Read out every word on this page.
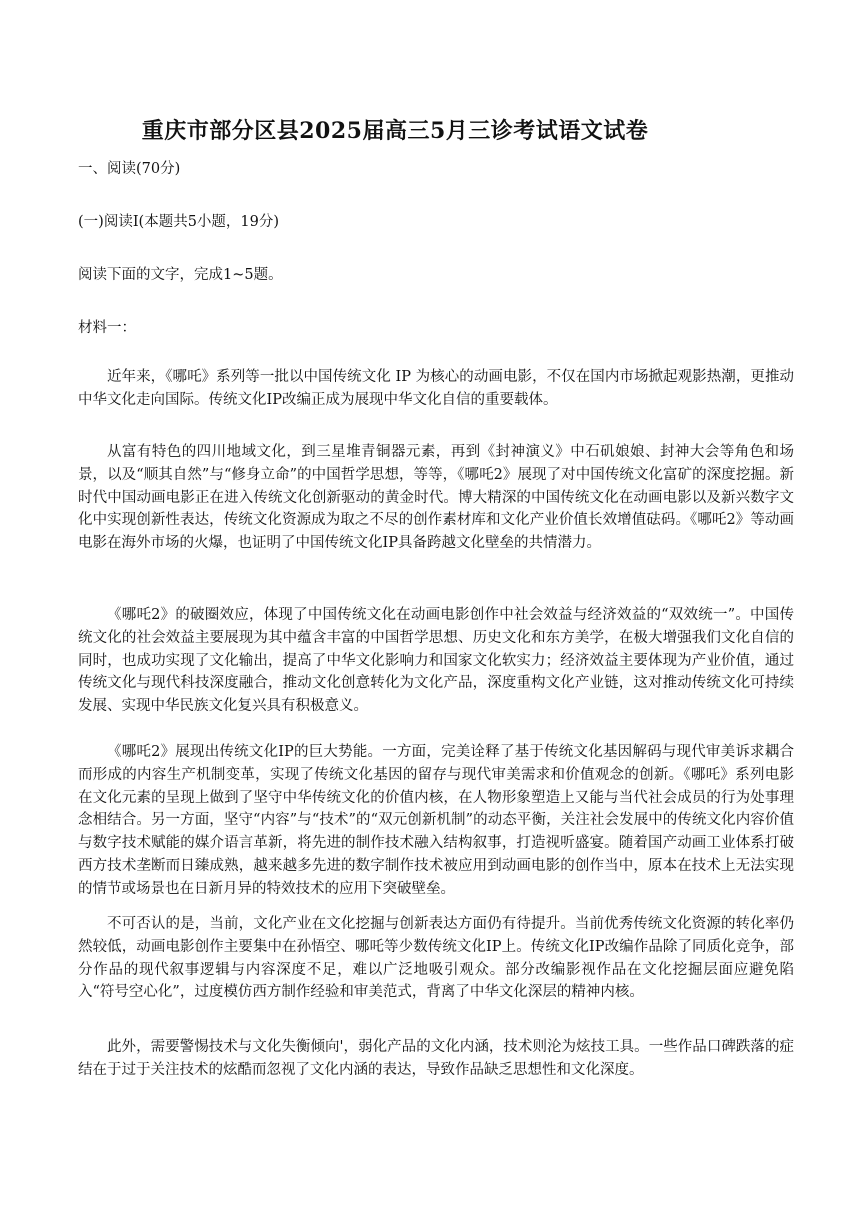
重庆市部分区县2025届高三5月三诊考试语文试卷
一、阅读(70分)
(一)阅读I(本题共5小题，19分)
阅读下面的文字，完成1~5题。
材料一：
近年来，《哪吒》系列等一批以中国传统文化 IP 为核心的动画电影，不仅在国内市场掀起观影热潮，更推动中华文化走向国际。传统文化IP改编正成为展现中华文化自信的重要载体。
从富有特色的四川地域文化，到三星堆青铜器元素，再到《封神演义》中石矶娘娘、封神大会等角色和场景，以及“顺其自然”与“修身立命”的中国哲学思想，等等，《哪吒2》展现了对中国传统文化富矿的深度挖掘。新时代中国动画电影正在进入传统文化创新驱动的黄金时代。博大精深的中国传统文化在动画电影以及新兴数字文化中实现创新性表达，传统文化资源成为取之不尽的创作素材库和文化产业价值长效增值砝码。《哪吒2》等动画电影在海外市场的火爆，也证明了中国传统文化IP具备跨越文化壁垒的共情潜力。
《哪吒2》的破圈效应，体现了中国传统文化在动画电影创作中社会效益与经济效益的“双效统一”。中国传统文化的社会效益主要展现为其中蕴含丰富的中国哲学思想、历史文化和东方美学，在极大增强我们文化自信的同时，也成功实现了文化输出，提高了中华文化影响力和国家文化软实力；经济效益主要体现为产业价值，通过传统文化与现代科技深度融合，推动文化创意转化为文化产品，深度重构文化产业链，这对推动传统文化可持续发展、实现中华民族文化复兴具有积极意义。
《哪吒2》展现出传统文化IP的巨大势能。一方面，完美诠释了基于传统文化基因解码与现代审美诉求耦合而形成的内容生产机制变革，实现了传统文化基因的留存与现代审美需求和价值观念的创新。《哪吒》系列电影在文化元素的呈现上做到了坚守中华传统文化的价值内核，在人物形象塑造上又能与当代社会成员的行为处事理念相结合。另一方面，坚守“内容”与“技术”的“双元创新机制”的动态平衡，关注社会发展中的传统文化内容价值与数字技术赋能的媒介语言革新，将先进的制作技术融入结构叙事，打造视听盛宴。随着国产动画工业体系打破西方技术垄断而日臻成熟，越来越多先进的数字制作技术被应用到动画电影的创作当中，原本在技术上无法实现的情节或场景也在日新月异的特效技术的应用下突破壁垒。
不可否认的是，当前，文化产业在文化挖掘与创新表达方面仍有待提升。当前优秀传统文化资源的转化率仍然较低，动画电影创作主要集中在孙悟空、哪吒等少数传统文化IP上。传统文化IP改编作品除了同质化竞争，部分作品的现代叙事逻辑与内容深度不足，难以广泛地吸引观众。部分改编影视作品在文化挖掘层面应避免陷入“符号空心化”，过度模仿西方制作经验和审美范式，背离了中华文化深层的精神内核。
此外，需要警惕技术与文化失衡倾向'，弱化产品的文化内涵，技术则沦为炫技工具。一些作品口碑跌落的症结在于过于关注技术的炫酷而忽视了文化内涵的表达，导致作品缺乏思想性和文化深度。
